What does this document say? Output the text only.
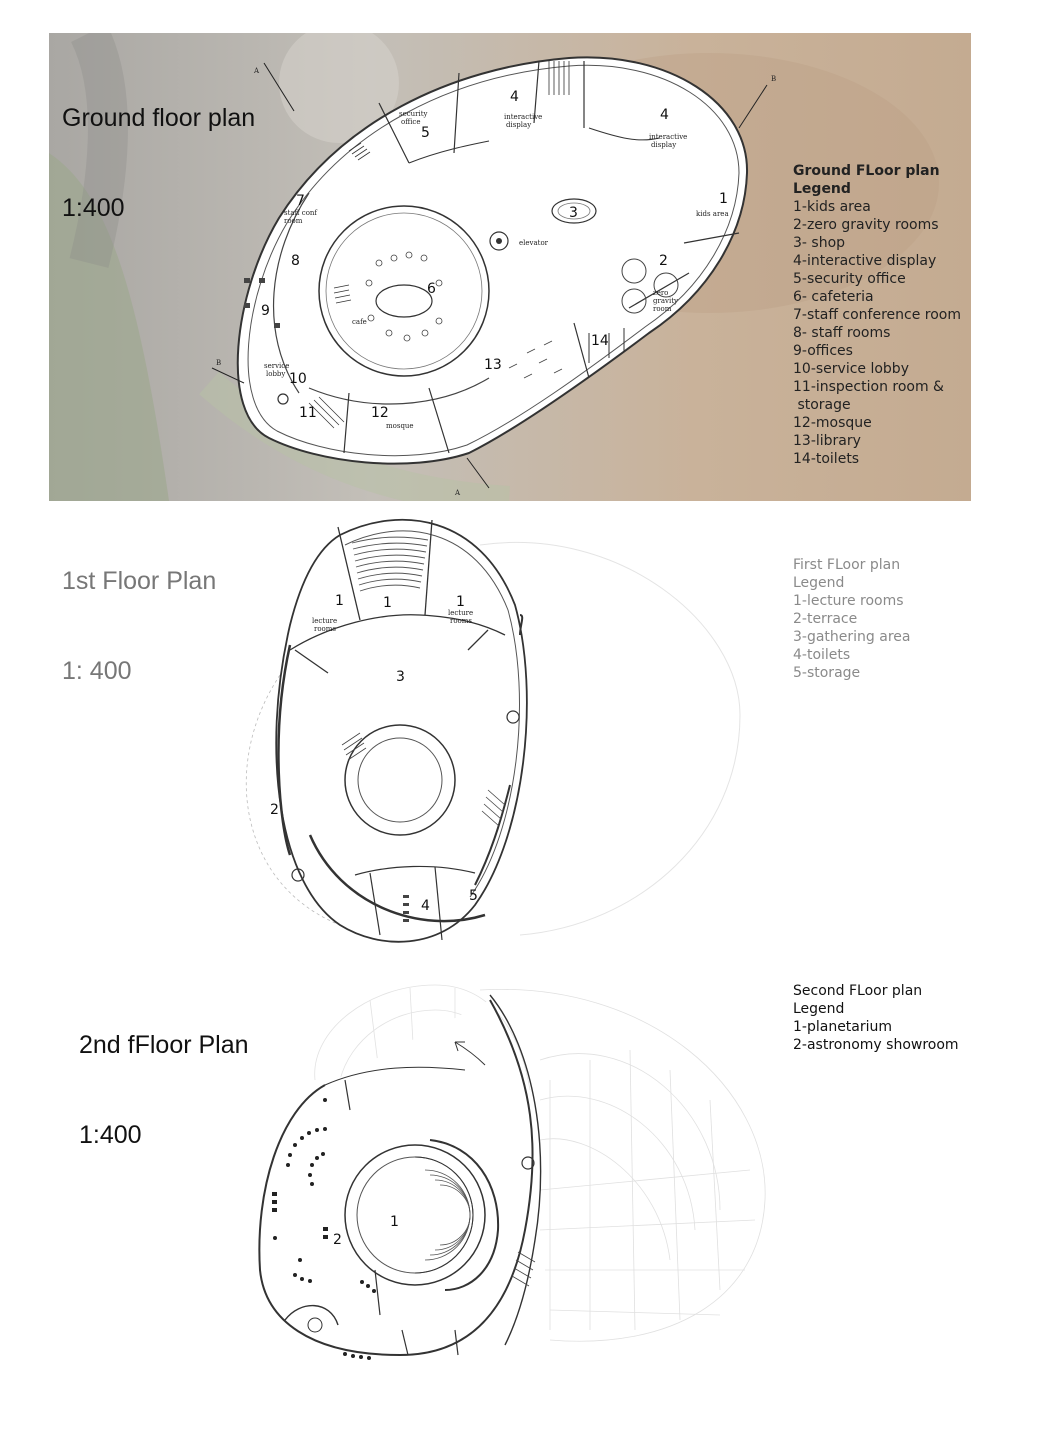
5
4
4
3
1
2
7
8
6
9
10
11	12
13
14
security
office
interactive
display
interactive
display
kids area
zero
gravity
room
elevator
cafe
staff conf
room
service
lobby
mosque
A
B
B
A

Ground floor plan

1:400

Ground FLoor plan
Legend
1-kids area
2-zero gravity rooms
3- shop
4-interactive display
5-security office
6- cafeteria
7-staff conference room
8- staff rooms
9-offices
10-service lobby
11-inspection room &
storage
12-mosque
13-library
14-toilets

1st Floor Plan

1: 400

1	1	1
3
2
4
5
lecture
rooms
lecture
rooms
First FLoor plan
Legend
1-lecture rooms
2-terrace
3-gathering area
4-toilets
5-storage

2nd fFloor Plan

1:400

1
2
Second FLoor plan
Legend
1-planetarium
2-astronomy showroom
